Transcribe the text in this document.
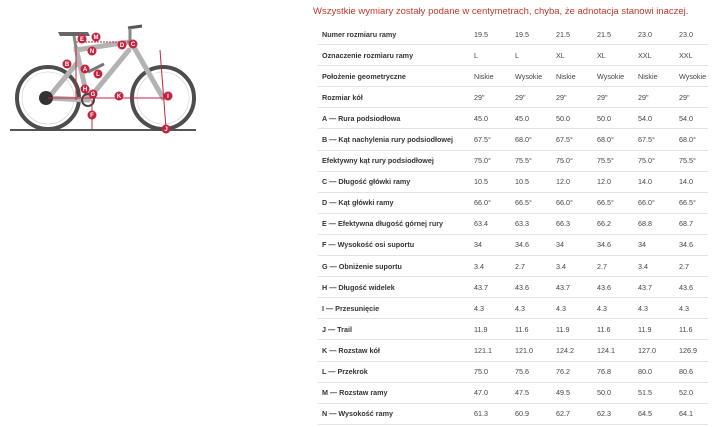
E
N
M
D C
B
A
L
G
H
K	I
F
J
Wszystkie wymiary zostały podane w centymetrach, chyba, że adnotacja stanowi inaczej.
Numer rozmiaru ramy	19.5	19.5	21.5	21.5	23.0	23.0
Oznaczenie rozmiaru ramy	L	L	XL	XL	XXL	XXL
Położenie geometryczne	Niskie	Wysokie	Niskie	Wysokie	Niskie	Wysokie
Rozmiar kół	29"	29"	29"	29"	29"	29"
A — Rura podsiodłowa	45.0	45.0	50.0	50.0	54.0	54.0
B — Kąt nachylenia rury podsiodłowej	67.5°	68.0°	67.5°	68.0°	67.5°	68.0°
Efektywny kąt rury podsiodłowej	75.0°	75.5°	75.0°	75.5°	75.0°	75.5°
C — Długość główki ramy	10.5	10.5	12.0	12.0	14.0	14.0
D — Kąt główki ramy	66.0°	66.5°	66.0°	66.5°	66.0°	66.5°
E — Efektywna długość górnej rury	63.4	63.3	66.3	66.2	68.8	68.7
F — Wysokość osi suportu	34	34.6	34	34.6	34	34.6
G — Obniżenie suportu	3.4	2.7	3.4	2.7	3.4	2.7
H — Długość widelek	43.7	43.6	43.7	43.6	43.7	43.6
I — Przesunięcie	4.3	4.3	4.3	4.3	4.3	4.3
J — Trail	11.9	11.6	11.9	11.6	11.9	11.6
K — Rozstaw kół	121.1	121.0	124.2	124.1	127.0	126.9
L — Przekrok	75.0	75.6	76.2	76.8	80.0	80.6
M — Rozstaw ramy	47.0	47.5	49.5	50.0	51.5	52.0
N — Wysokość ramy	61.3	60.9	62.7	62.3	64.5	64.1
